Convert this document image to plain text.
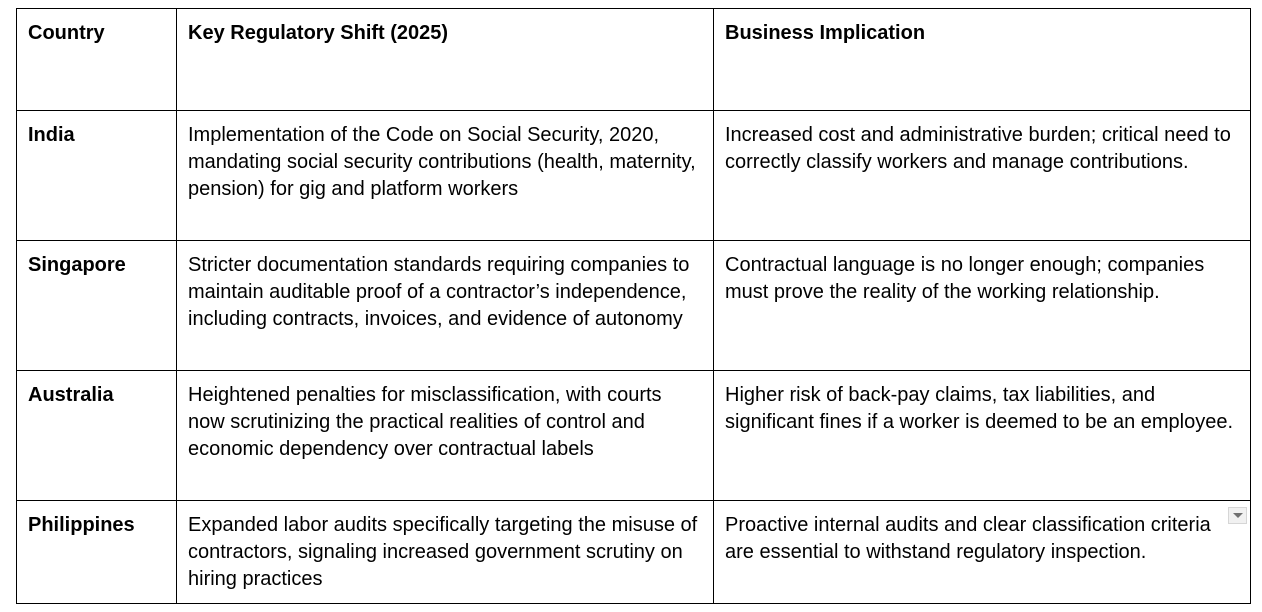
Country	Key Regulatory Shift (2025)	Business Implication
India	Implementation of the Code on Social Security, 2020, mandating social security contributions (health, maternity, pension) for gig and platform workers	Increased cost and administrative burden; critical need to correctly classify workers and manage contributions.
Singapore	Stricter documentation standards requiring companies to maintain auditable proof of a contractor’s independence, including contracts, invoices, and evidence of autonomy	Contractual language is no longer enough; companies must prove the reality of the working relationship.
Australia	Heightened penalties for misclassification, with courts now scrutinizing the practical realities of control and economic dependency over contractual labels	Higher risk of back-pay claims, tax liabilities, and significant fines if a worker is deemed to be an employee.
Philippines	Expanded labor audits specifically targeting the misuse of contractors, signaling increased government scrutiny on hiring practices	Proactive internal audits and clear classification criteria are essential to withstand regulatory inspection.
